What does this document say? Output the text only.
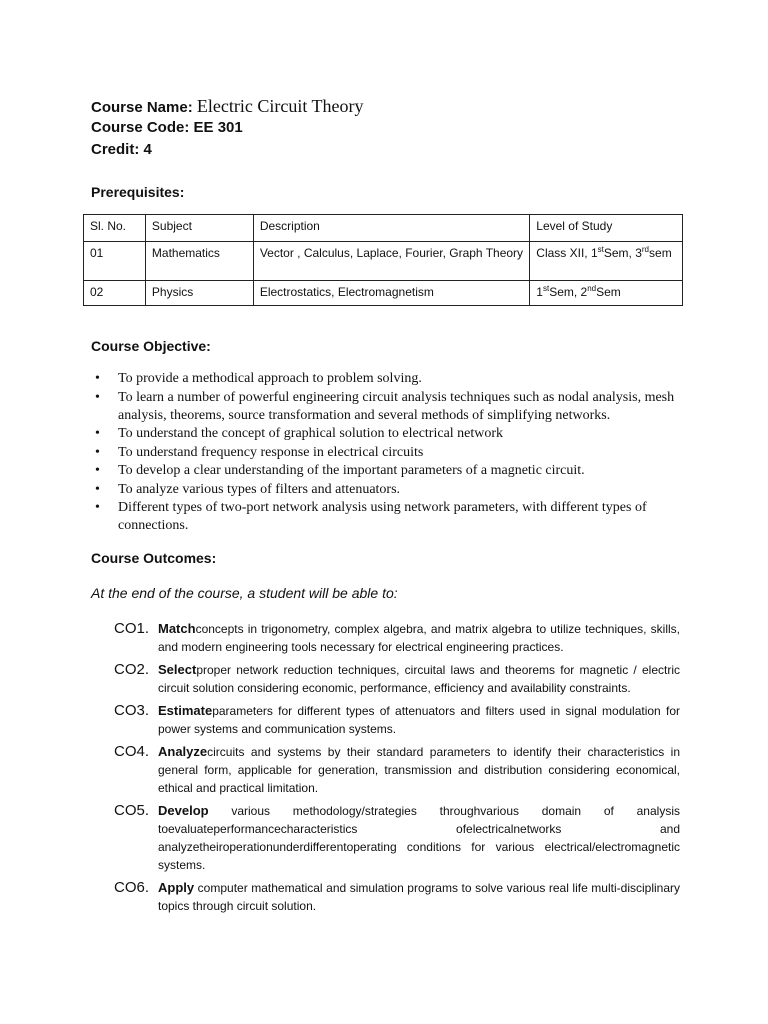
Course Name: Electric Circuit Theory
Course Code: EE 301
Credit: 4
Prerequisites:
Sl. No.	Subject	Description	Level of Study
01	Mathematics	Vector , Calculus, Laplace, Fourier, Graph Theory	Class XII, 1stSem, 3rdsem
02	Physics	Electrostatics, Electromagnetism	1stSem, 2ndSem
Course Objective:
• To provide a methodical approach to problem solving.
• To learn a number of powerful engineering circuit analysis techniques such as nodal analysis, mesh analysis, theorems, source transformation and several methods of simplifying networks.
• To understand the concept of graphical solution to electrical network
• To understand frequency response in electrical circuits
• To develop a clear understanding of the important parameters of a magnetic circuit.
• To analyze various types of filters and attenuators.
• Different types of two-port network analysis using network parameters, with different types of connections.
Course Outcomes:
At the end of the course, a student will be able to:
CO1. Matchconcepts in trigonometry, complex algebra, and matrix algebra to utilize techniques, skills, and modern engineering tools necessary for electrical engineering practices.
CO2. Selectproper network reduction techniques, circuital laws and theorems for magnetic / electric circuit solution considering economic, performance, efficiency and availability constraints.
CO3. Estimateparameters for different types of attenuators and filters used in signal modulation for power systems and communication systems.
CO4. Analyzecircuits and systems by their standard parameters to identify their characteristics in general form, applicable for generation, transmission and distribution considering economical, ethical and practical limitation.
CO5. Develop various methodology/strategies throughvarious domain of analysis toevaluateperformancecharacteristics ofelectricalnetworks and analyzetheiroperationunderdifferentoperating conditions for various electrical/electromagnetic systems.
CO6. Apply computer mathematical and simulation programs to solve various real life multi-disciplinary topics through circuit solution.
